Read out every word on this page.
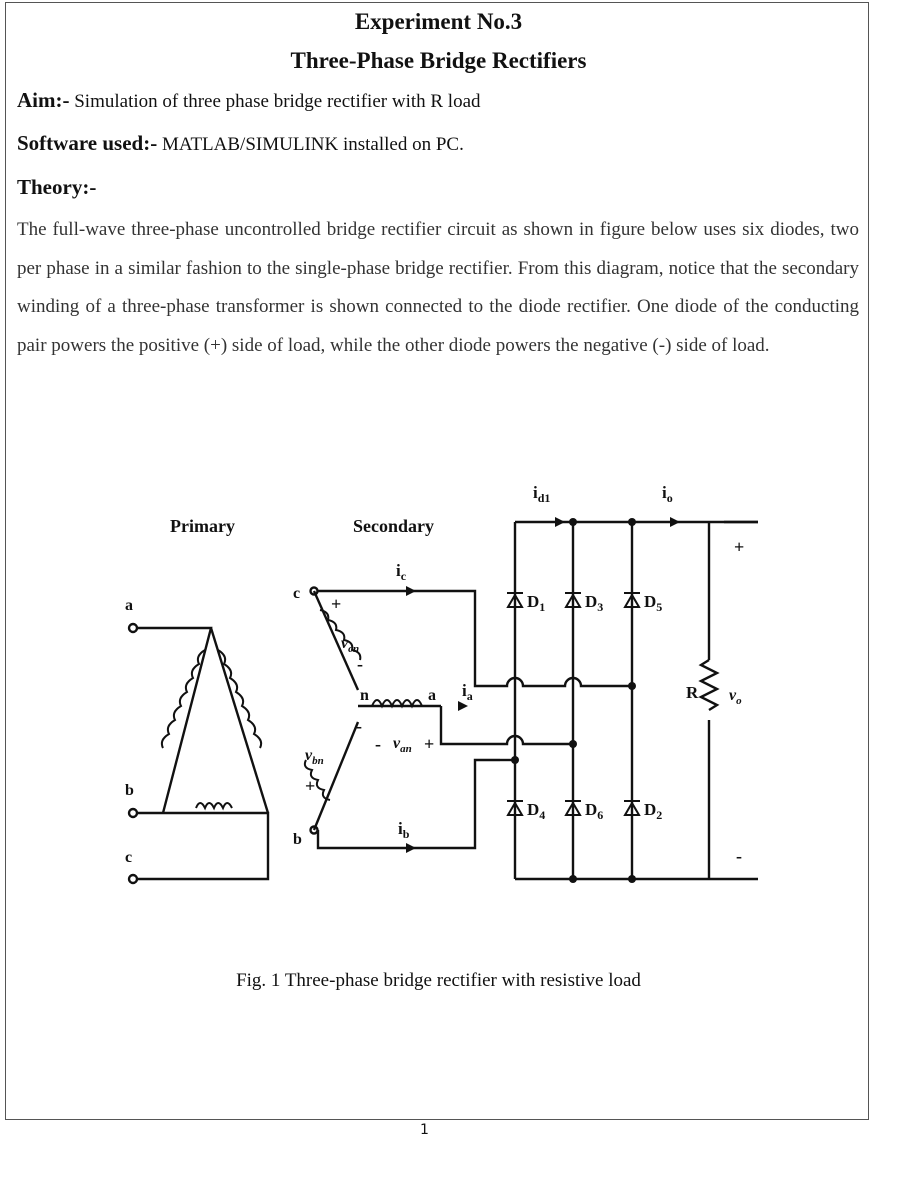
Experiment No.3
Three-Phase Bridge Rectifiers
Aim:- Simulation of three phase bridge rectifier with R load
Software used:- MATLAB/SIMULINK installed on PC.
Theory:-
The full-wave three-phase uncontrolled bridge rectifier circuit as shown in figure below uses six diodes, two per phase in a similar fashion to the single-phase bridge rectifier. From this diagram, notice that the secondary winding of a three-phase transformer is shown connected to the diode rectifier. One diode of the conducting pair powers the positive (+) side of load, while the other diode powers the negative (-) side of load.
Primary	Secondary
a
b
c
c
b
n	a
$i_c$
$i_a$
$i_b$
$i_{d1}$	$i_o$
$v_{cn}$
$v_{an}$
$v_{bn}$
$v_o$
R
+
-
-
- +
+
+
-
$D_1$ $D_3$ $D_5$
$D_4$ $D_6$ $D_2$
Fig. 1 Three-phase bridge rectifier with resistive load
1
